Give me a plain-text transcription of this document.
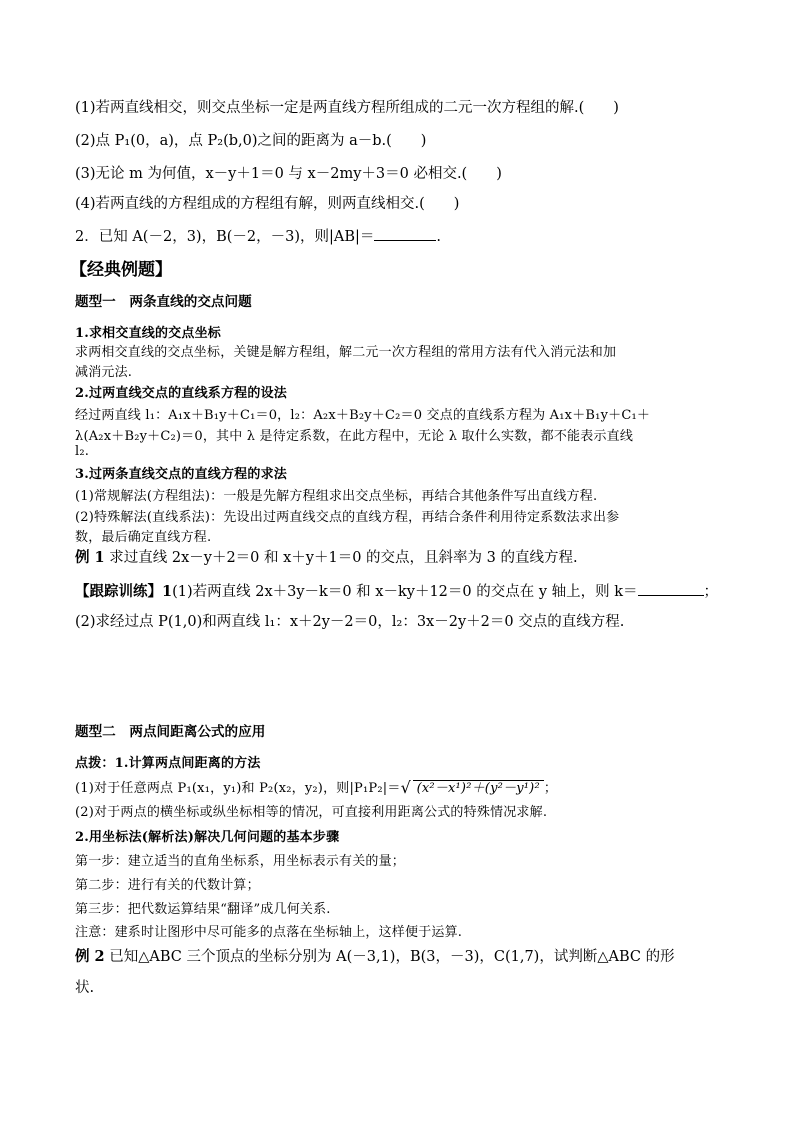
(1)若两直线相交，则交点坐标一定是两直线方程所组成的二元一次方程组的解.(　　)
(2)点 P₁(0，a)，点 P₂(b,0)之间的距离为 a－b.(　　)
(3)无论 m 为何值，x－y＋1＝0 与 x－2my＋3＝0 必相交.(　　)
(4)若两直线的方程组成的方程组有解，则两直线相交.(　　)
2．已知 A(－2，3)，B(－2，－3)，则|AB|＝	.
【经典例题】
题型一　两条直线的交点问题
1.求相交直线的交点坐标
求两相交直线的交点坐标，关键是解方程组，解二元一次方程组的常用方法有代入消元法和加
减消元法.
2.过两直线交点的直线系方程的设法
经过两直线 l₁：A₁x＋B₁y＋C₁＝0，l₂：A₂x＋B₂y＋C₂＝0 交点的直线系方程为 A₁x＋B₁y＋C₁＋
λ(A₂x＋B₂y＋C₂)＝0，其中 λ 是待定系数，在此方程中，无论 λ 取什么实数，都不能表示直线
l₂.
3.过两条直线交点的直线方程的求法
(1)常规解法(方程组法)：一般是先解方程组求出交点坐标，再结合其他条件写出直线方程.
(2)特殊解法(直线系法)：先设出过两直线交点的直线方程，再结合条件利用待定系数法求出参
数，最后确定直线方程.
例 1 求过直线 2x－y＋2＝0 和 x＋y＋1＝0 的交点，且斜率为 3 的直线方程.
【跟踪训练】1(1)若两直线 2x＋3y－k＝0 和 x－ky＋12＝0 的交点在 y 轴上，则 k＝	；
(2)求经过点 P(1,0)和两直线 l₁：x＋2y－2＝0，l₂：3x－2y＋2＝0 交点的直线方程.
题型二　两点间距离公式的应用
点拨：1.计算两点间距离的方法
(1)对于任意两点 P₁(x₁，y₁)和 P₂(x₂，y₂)，则|P₁P₂|＝√ (x²－x¹)²＋(y²－y¹)² ；
(2)对于两点的横坐标或纵坐标相等的情况，可直接利用距离公式的特殊情况求解.
2.用坐标法(解析法)解决几何问题的基本步骤
第一步：建立适当的直角坐标系，用坐标表示有关的量；
第二步：进行有关的代数计算；
第三步：把代数运算结果“翻译”成几何关系.
注意：建系时让图形中尽可能多的点落在坐标轴上，这样便于运算.
例 2 已知△ABC 三个顶点的坐标分别为 A(－3,1)，B(3，－3)，C(1,7)，试判断△ABC 的形
状.
